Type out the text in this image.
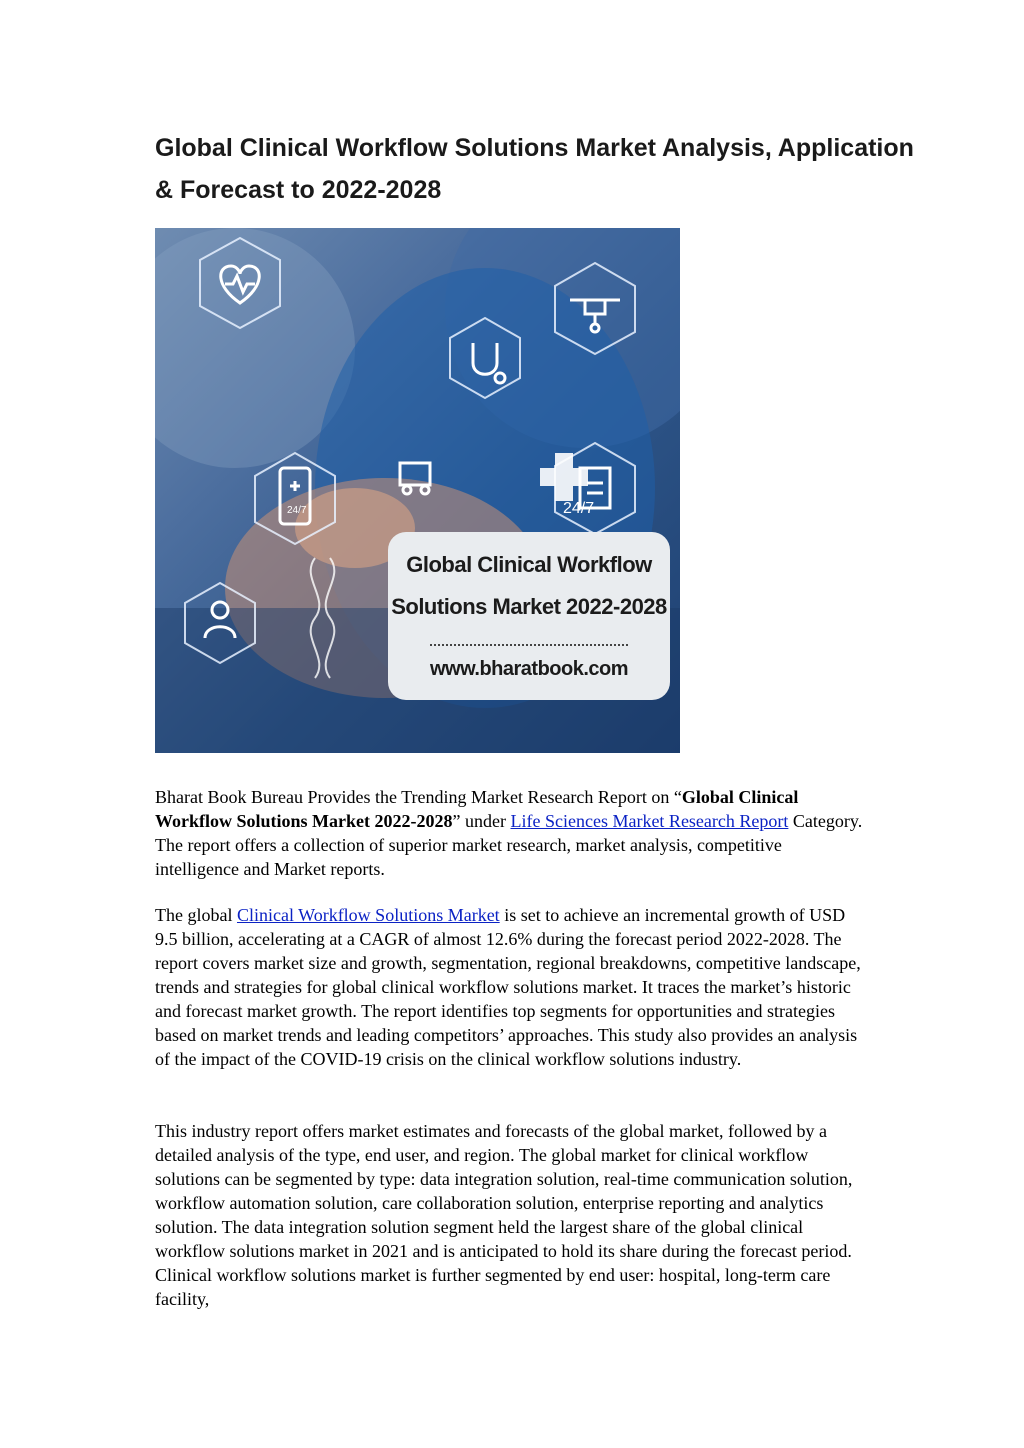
Global Clinical Workflow Solutions Market Analysis, Application & Forecast to 2022-2028
24/7	24/7
Global Clinical Workflow
Solutions Market 2022-2028
www.bharatbook.com

Bharat Book Bureau Provides the Trending Market Research Report on “Global Clinical Workflow Solutions Market 2022-2028” under Life Sciences Market Research Report Category. The report offers a collection of superior market research, market analysis, competitive intelligence and Market reports.

The global Clinical Workflow Solutions Market is set to achieve an incremental growth of USD 9.5 billion, accelerating at a CAGR of almost 12.6% during the forecast period 2022-2028. The report covers market size and growth, segmentation, regional breakdowns, competitive landscape, trends and strategies for global clinical workflow solutions market. It traces the market’s historic and forecast market growth. The report identifies top segments for opportunities and strategies based on market trends and leading competitors’ approaches. This study also provides an analysis of the impact of the COVID-19 crisis on the clinical workflow solutions industry.

This industry report offers market estimates and forecasts of the global market, followed by a detailed analysis of the type, end user, and region. The global market for clinical workflow solutions can be segmented by type: data integration solution, real-time communication solution, workflow automation solution, care collaboration solution, enterprise reporting and analytics solution. The data integration solution segment held the largest share of the global clinical workflow solutions market in 2021 and is anticipated to hold its share during the forecast period. Clinical workflow solutions market is further segmented by end user: hospital, long-term care facility,
